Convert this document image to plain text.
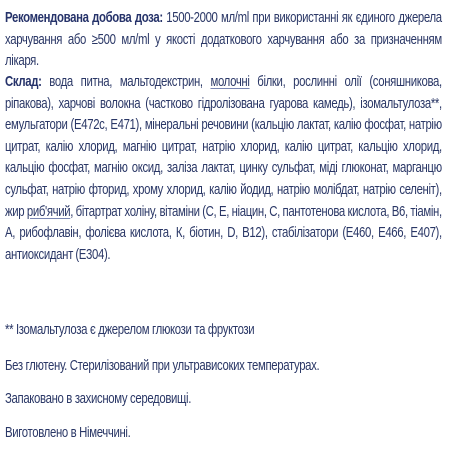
Рекомендована добова доза: 1500-2000 мл/ml при використанні як єдиного джерела харчування або ≥500 мл/ml у якості додаткового харчування або за призначенням лікаря.

Склад: вода питна, мальтодекстрин, молочні білки, рослинні олії (соняшникова, ріпакова), харчові волокна (частково гідролізована гуарова камедь), ізомальтулоза**, емульгатори (Е472с, Е471), мінеральні речовини (кальцію лактат, калію фосфат, натрію цитрат, калію хлорид, магнію цитрат, натрію хлорид, калію цитрат, кальцію хлорид, кальцію фосфат, магнію оксид, заліза лактат, цинку сульфат, міді глюконат, марганцю сульфат, натрію фторид, хрому хлорид, калію йодид, натрію молібдат, натрію селеніт), жир риб'ячий, бітартрат холіну, вітаміни (С, Е, ніацин, С, пантотенова кислота, В6, тіамін, А, рибофлавін, фолієва кислота, К, біотин, D, В12), стабілізатори (Е460, Е466, Е407), антиоксидант (Е304).

** Ізомальтулоза є джерелом глюкози та фруктози

Без глютену. Стерилізований при ультрависоких температурах.

Запаковано в захисному середовищі.

Виготовлено в Німеччині.
